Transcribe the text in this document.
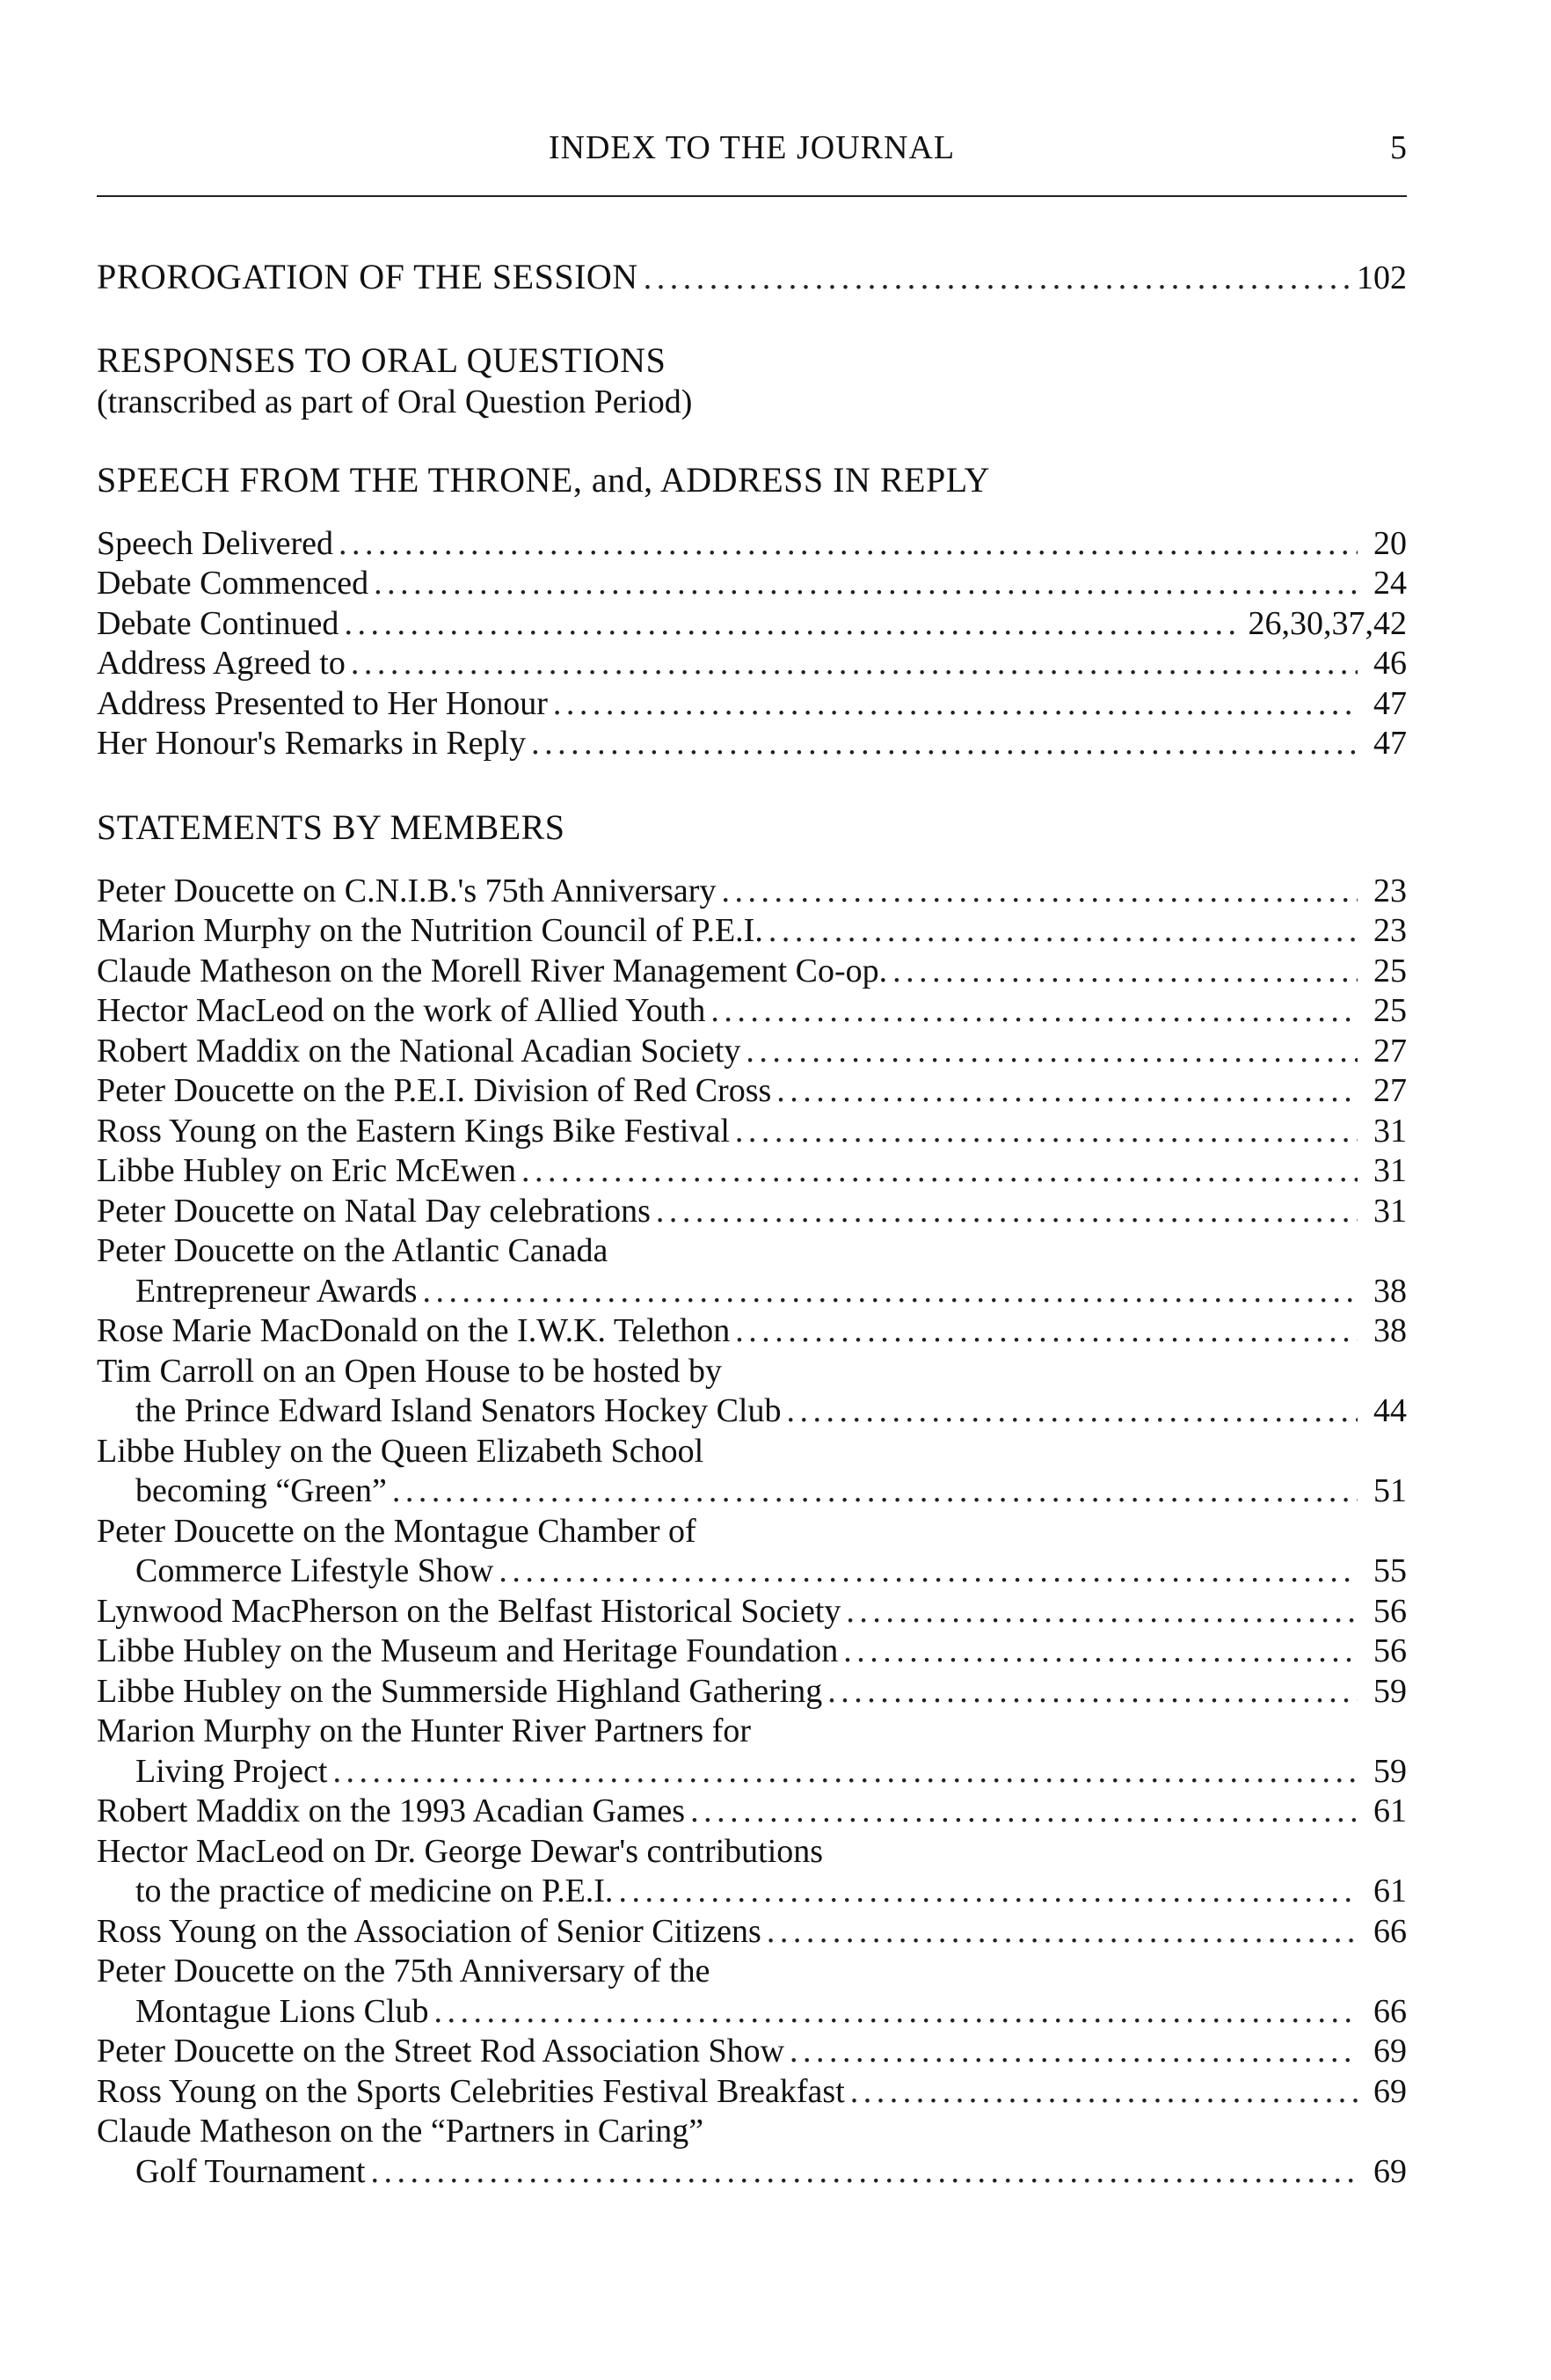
INDEX TO THE JOURNAL	5
PROROGATION OF THE SESSION . . .	102
RESPONSES TO ORAL QUESTIONS
(transcribed as part of Oral Question Period)
SPEECH FROM THE THRONE, and, ADDRESS IN REPLY
Speech Delivered . . .	20
Debate Commenced . . .	24
Debate Continued . . .	26,30,37,42
Address Agreed to . . .	46
Address Presented to Her Honour . . .	47
Her Honour's Remarks in Reply . . .	47
STATEMENTS BY MEMBERS
Peter Doucette on C.N.I.B.'s 75th Anniversary . . .	23
Marion Murphy on the Nutrition Council of P.E.I. . . .	23
Claude Matheson on the Morell River Management Co-op. . . .	25
Hector MacLeod on the work of Allied Youth . . .	25
Robert Maddix on the National Acadian Society . . .	27
Peter Doucette on the P.E.I. Division of Red Cross . . .	27
Ross Young on the Eastern Kings Bike Festival . . .	31
Libbe Hubley on Eric McEwen . . .	31
Peter Doucette on Natal Day celebrations . . .	31
Peter Doucette on the Atlantic Canada
Entrepreneur Awards . . .	38
Rose Marie MacDonald on the I.W.K. Telethon . . .	38
Tim Carroll on an Open House to be hosted by
the Prince Edward Island Senators Hockey Club . . .	44
Libbe Hubley on the Queen Elizabeth School
becoming “Green” . . .	51
Peter Doucette on the Montague Chamber of
Commerce Lifestyle Show . . .	55
Lynwood MacPherson on the Belfast Historical Society . . .	56
Libbe Hubley on the Museum and Heritage Foundation . . .	56
Libbe Hubley on the Summerside Highland Gathering . . .	59
Marion Murphy on the Hunter River Partners for
Living Project . . .	59
Robert Maddix on the 1993 Acadian Games . . .	61
Hector MacLeod on Dr. George Dewar's contributions
to the practice of medicine on P.E.I. . . .	61
Ross Young on the Association of Senior Citizens . . .	66
Peter Doucette on the 75th Anniversary of the
Montague Lions Club . . .	66
Peter Doucette on the Street Rod Association Show . . .	69
Ross Young on the Sports Celebrities Festival Breakfast . . .	69
Claude Matheson on the “Partners in Caring”
Golf Tournament . . .	69
